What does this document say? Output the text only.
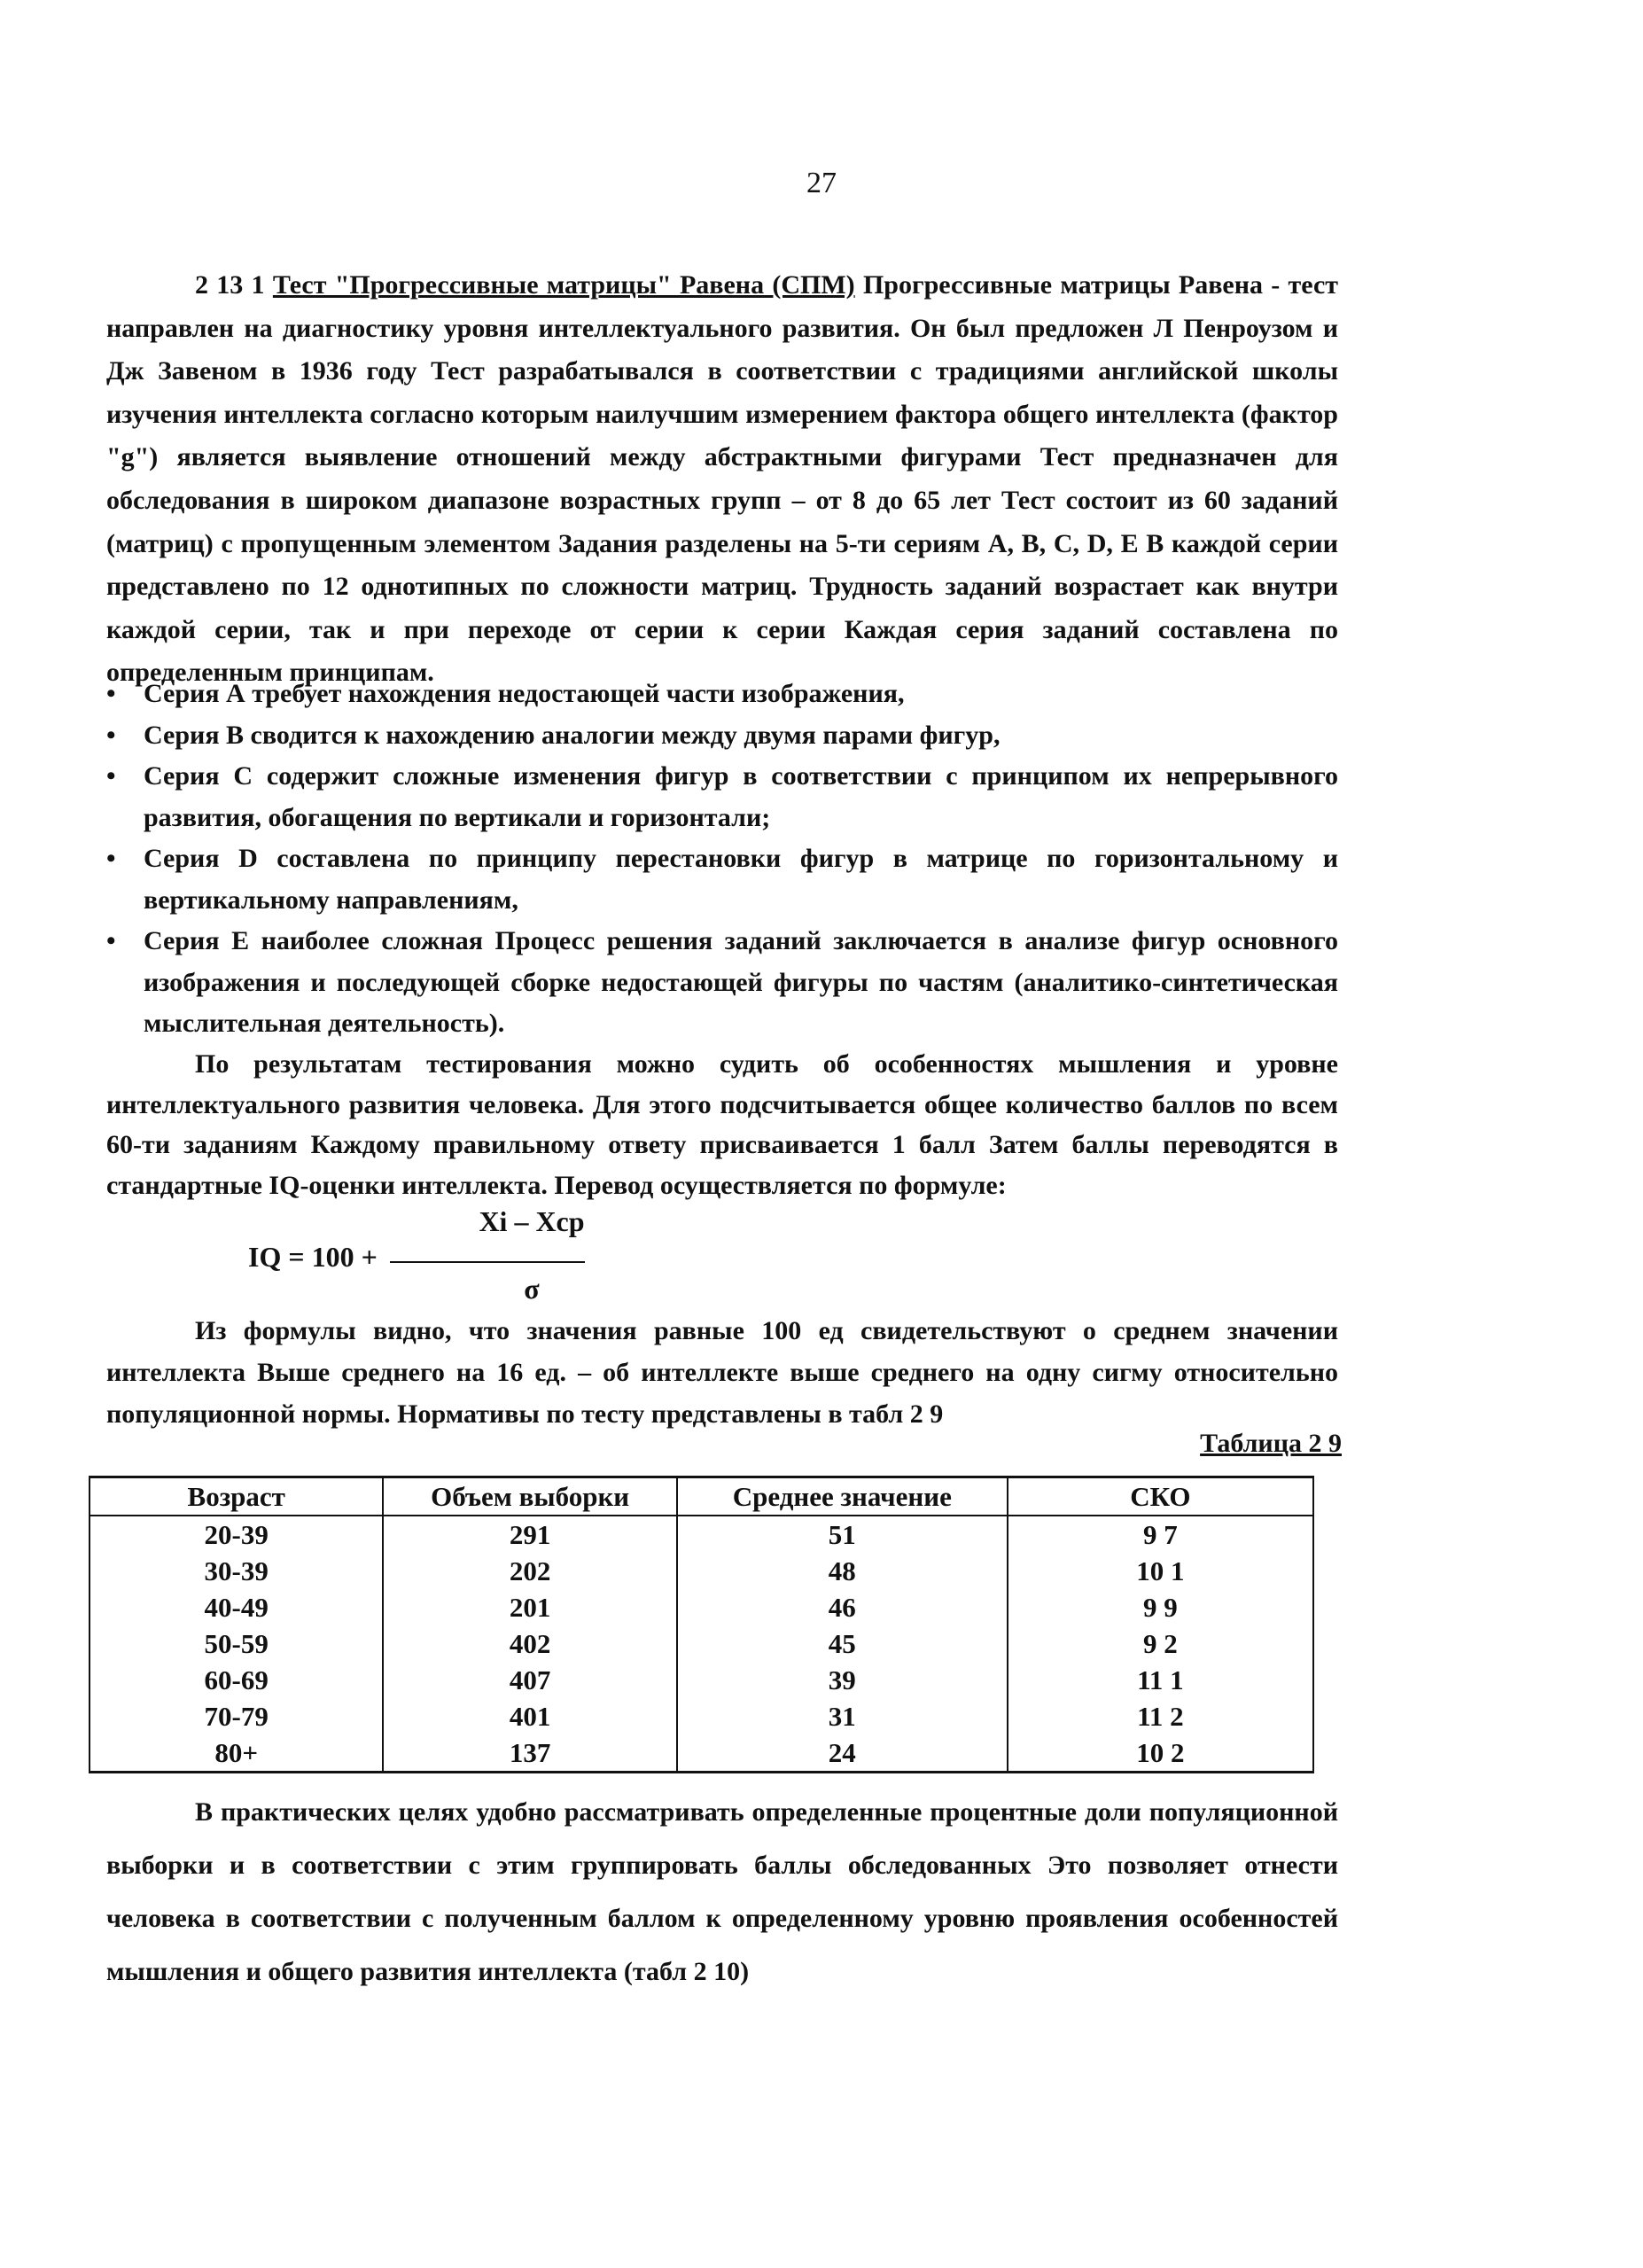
27
2 13 1 Тест "Прогрессивные матрицы" Равена (СПМ) Прогрессивные матрицы Равена - тест направлен на диагностику уровня интеллектуального развития. Он был предложен Л Пенроузом и Дж Завеном в 1936 году Тест разрабатывался в соответствии с традициями английской школы изучения интеллекта согласно которым наилучшим измерением фактора общего интеллекта (фактор "g") является выявление отношений между абстрактными фигурами Тест предназначен для обследования в широком диапазоне возрастных групп – от 8 до 65 лет Тест состоит из 60 заданий (матриц) с пропущенным элементом Задания разделены на 5-ти сериям А, В, С, D, Е В каждой серии представлено по 12 однотипных по сложности матриц. Трудность заданий возрастает как внутри каждой серии, так и при переходе от серии к серии Каждая серия заданий составлена по определенным принципам.
• Серия А требует нахождения недостающей части изображения,
• Серия В сводится к нахождению аналогии между двумя парами фигур,
• Серия С содержит сложные изменения фигур в соответствии с принципом их непрерывного развития, обогащения по вертикали и горизонтали;
• Серия D составлена по принципу перестановки фигур в матрице по горизонтальному и вертикальному направлениям,
• Серия Е наиболее сложная Процесс решения заданий заключается в анализе фигур основного изображения и последующей сборке недостающей фигуры по частям (аналитико-синтетическая мыслительная деятельность).
По результатам тестирования можно судить об особенностях мышления и уровне интеллектуального развития человека. Для этого подсчитывается общее количество баллов по всем 60-ти заданиям Каждому правильному ответу присваивается 1 балл Затем баллы переводятся в стандартные IQ-оценки интеллекта. Перевод осуществляется по формуле:
IQ = 100 +
Xi – Xcp
σ
Из формулы видно, что значения равные 100 ед свидетельствуют о среднем значении интеллекта Выше среднего на 16 ед. – об интеллекте выше среднего на одну сигму относительно популяционной нормы. Нормативы по тесту представлены в табл 2 9
Таблица 2 9
Возраст	Объем выборки	Среднее значение	СКО
20-39	291	51	9 7
30-39	202	48	10 1
40-49	201	46	9 9
50-59	402	45	9 2
60-69	407	39	11 1
70-79	401	31	11 2
80+	137	24	10 2
В практических целях удобно рассматривать определенные процентные доли популяционной выборки и в соответствии с этим группировать баллы обследованных Это позволяет отнести человека в соответствии с полученным баллом к определенному уровню проявления особенностей мышления и общего развития интеллекта (табл 2 10)
